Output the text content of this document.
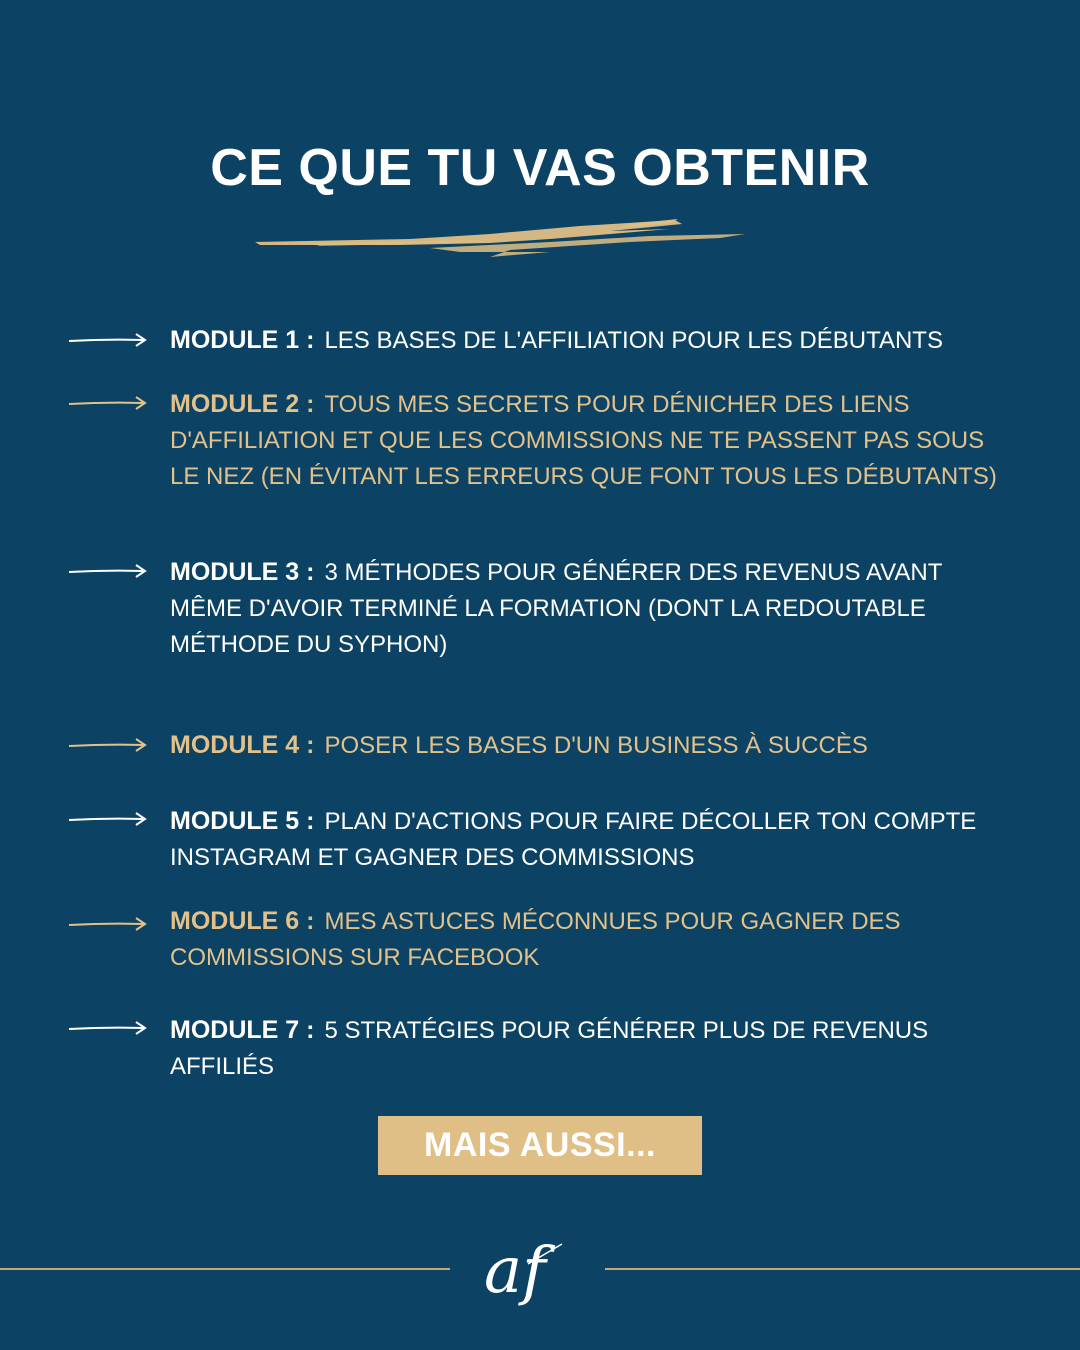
CE QUE TU VAS OBTENIR
MODULE 1 : LES BASES DE L'AFFILIATION POUR LES DÉBUTANTS
MODULE 2 : TOUS MES SECRETS POUR DÉNICHER DES LIENS D'AFFILIATION ET QUE LES COMMISSIONS NE TE PASSENT PAS SOUS LE NEZ (EN ÉVITANT LES ERREURS QUE FONT TOUS LES DÉBUTANTS)
MODULE 3 : 3 MÉTHODES POUR GÉNÉRER DES REVENUS AVANT MÊME D'AVOIR TERMINÉ LA FORMATION (DONT LA REDOUTABLE MÉTHODE DU SYPHON)
MODULE 4 : POSER LES BASES D'UN BUSINESS À SUCCÈS
MODULE 5 : PLAN D'ACTIONS POUR FAIRE DÉCOLLER TON COMPTE INSTAGRAM ET GAGNER DES COMMISSIONS
MODULE 6 : MES ASTUCES MÉCONNUES POUR GAGNER DES COMMISSIONS SUR FACEBOOK
MODULE 7 : 5 STRATÉGIES POUR GÉNÉRER PLUS DE REVENUS AFFILIÉS
MAIS AUSSI...
af
